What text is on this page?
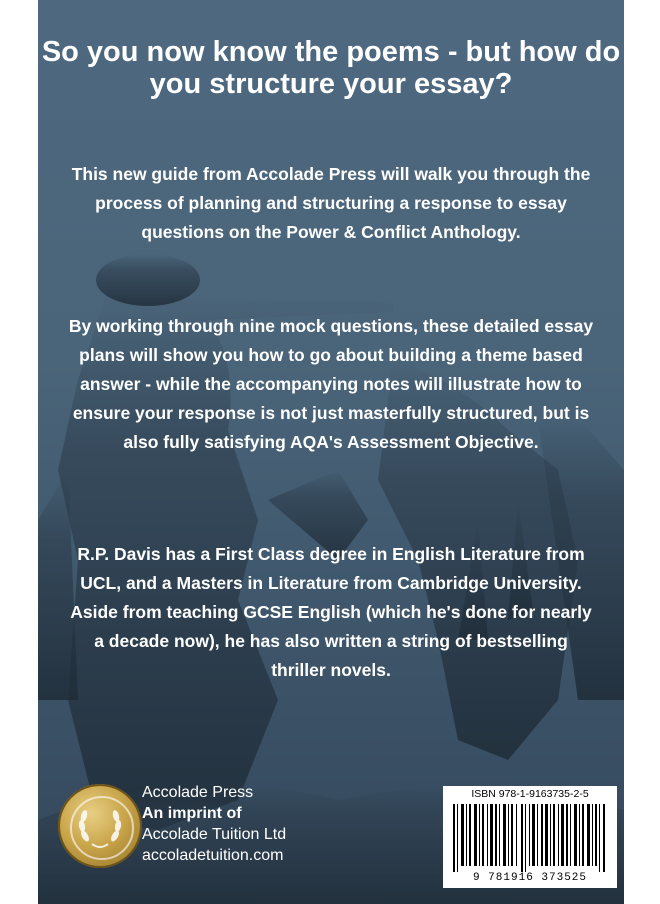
So you now know the poems - but how do you structure your essay?
This new guide from Accolade Press will walk you through the process of planning and structuring a response to essay questions on the Power & Conflict Anthology.
By working through nine mock questions, these detailed essay plans will show you how to go about building a theme based answer - while the accompanying notes will illustrate how to ensure your response is not just masterfully structured, but is also fully satisfying AQA's Assessment Objective.
R.P. Davis has a First Class degree in English Literature from UCL, and a Masters in Literature from Cambridge University. Aside from teaching GCSE English (which he's done for nearly a decade now), he has also written a string of bestselling thriller novels.
Accolade Press
An imprint of
Accolade Tuition Ltd
accoladetuition.com
ISBN 978-1-9163735-2-5
9 781916 373525
